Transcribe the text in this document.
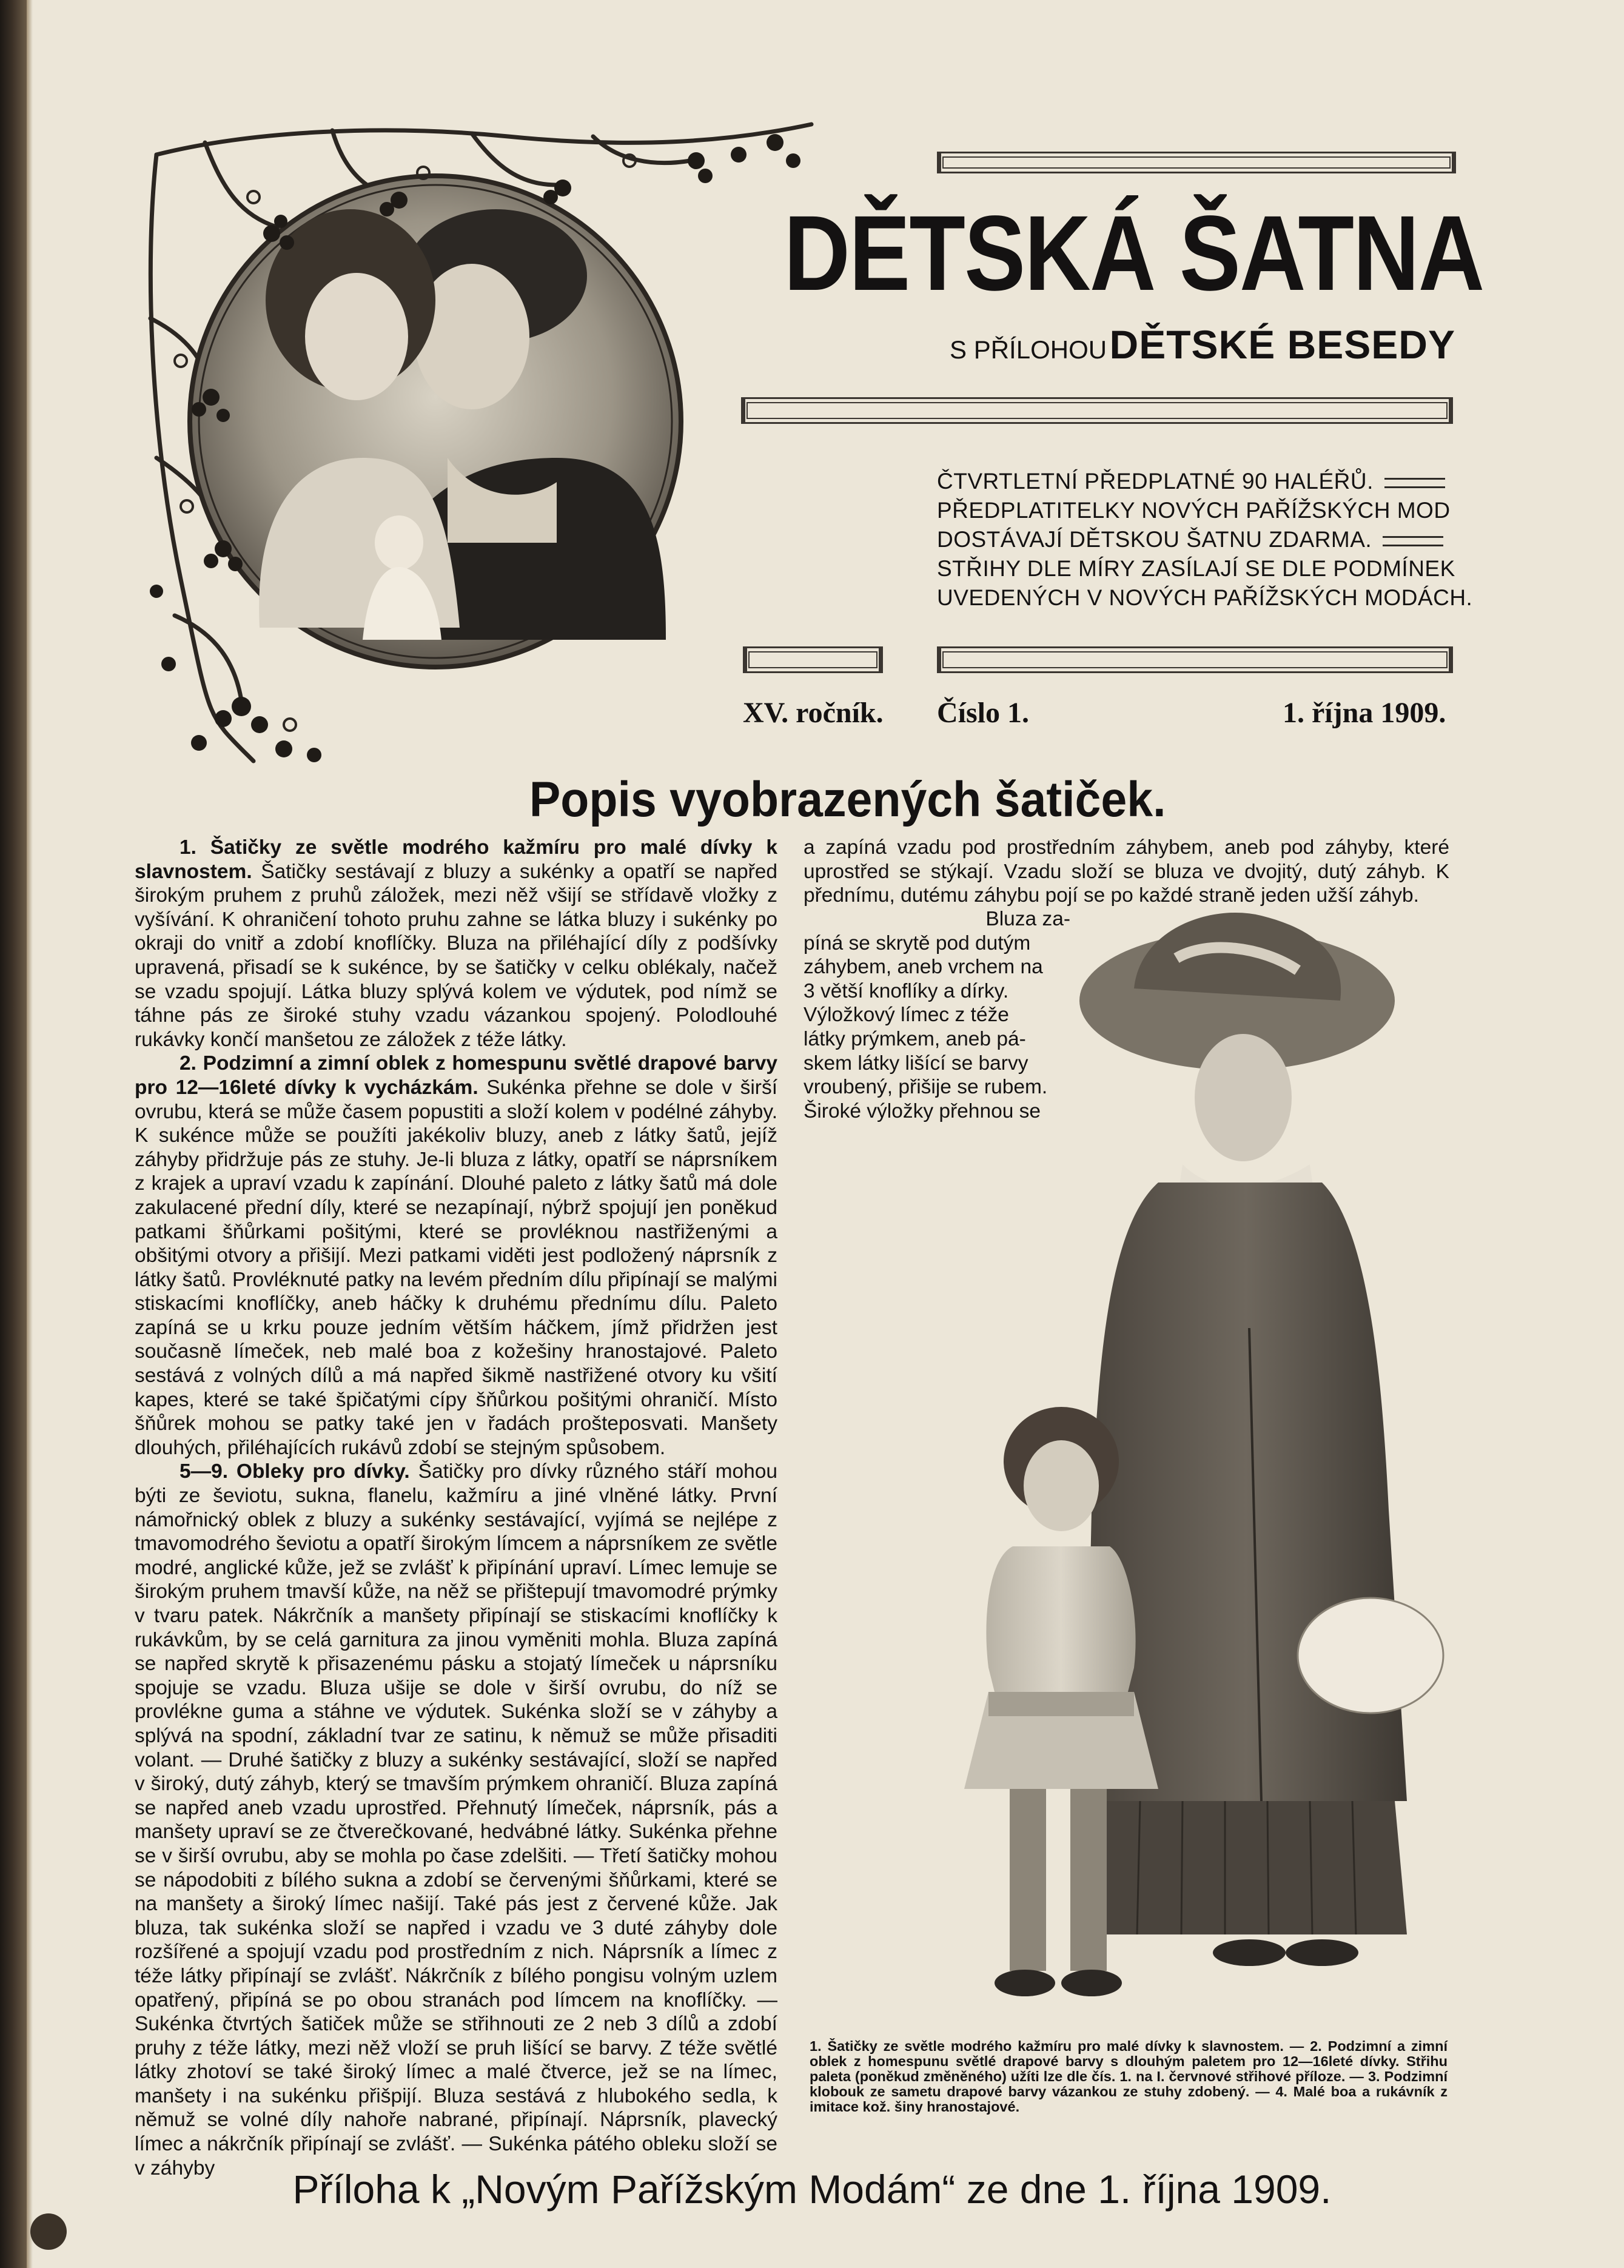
DĚTSKÁ ŠATNA
S PŘÍLOHOU DĚTSKÉ BESEDY
ČTVRTLETNÍ PŘEDPLATNÉ 90 HALÉŘŮ.
PŘEDPLATITELKY NOVÝCH PAŘÍŽSKÝCH MOD
DOSTÁVAJÍ DĚTSKOU ŠATNU ZDARMA.
STŘIHY DLE MÍRY ZASÍLAJÍ SE DLE PODMÍNEK
UVEDENÝCH V NOVÝCH PAŘÍŽSKÝCH MODÁCH.
XV. ročník. Číslo 1.	1. října 1909.
Popis vyobrazených šatiček.

1. Šatičky ze světle modrého kažmíru pro malé dívky k slavnostem. Šatičky sestávají z bluzy a sukénky a opatří se napřed širokým pruhem z pruhů záložek, mezi něž všijí se střídavě vložky z vyšívání. K ohraničení tohoto pruhu zahne se látka bluzy i sukénky po okraji do vnitř a zdobí knoflíčky. Bluza na přiléhající díly z podšívky upravená, přisadí se k sukénce, by se šatičky v celku oblékaly, načež se vzadu spojují. Látka bluzy splývá kolem ve výdutek, pod nímž se táhne pás ze široké stuhy vzadu vázankou spojený. Polodlouhé rukávky končí manšetou ze záložek z téže látky.

2. Podzimní a zimní oblek z homespunu světlé drapové barvy pro 12—16leté dívky k vycházkám. Sukénka přehne se dole v širší ovrubu, která se může časem popustiti a složí kolem v podélné záhyby. K sukénce může se použíti jakékoliv bluzy, aneb z látky šatů, jejíž záhyby přidržuje pás ze stuhy. Je-li bluza z látky, opatří se náprsníkem z krajek a upraví vzadu k zapínání. Dlouhé paleto z látky šatů má dole zakulacené přední díly, které se nezapínají, nýbrž spojují jen poněkud patkami šňůrkami pošitými, které se provléknou nastřiženými a obšitými otvory a přišijí. Mezi patkami viděti jest podložený náprsník z látky šatů. Provléknuté patky na levém předním dílu připínají se malými stiskacími knoflíčky, aneb háčky k druhému přednímu dílu. Paleto zapíná se u krku pouze jedním větším háčkem, jímž přidržen jest současně límeček, neb malé boa z kožešiny hranostajové. Paleto sestává z volných dílů a má napřed šikmě nastřižené otvory ku všití kapes, které se také špičatými cípy šňůrkou pošitými ohraničí. Místo šňůrek mohou se patky také jen v řadách prošteposvati. Manšety dlouhých, přiléhajících rukávů zdobí se stejným spůsobem.

5—9. Obleky pro dívky. Šatičky pro dívky různého stáří mohou býti ze ševiotu, sukna, flanelu, kažmíru a jiné vlněné látky. První námořnický oblek z bluzy a sukénky sestávající, vyjímá se nejlépe z tmavomodrého ševiotu a opatří širokým límcem a náprsníkem ze světle modré, anglické kůže, jež se zvlášť k připínání upraví. Límec lemuje se širokým pruhem tmavší kůže, na něž se přištepují tmavomodré prýmky v tvaru patek. Nákrčník a manšety připínají se stiskacími knoflíčky k rukávkům, by se celá garnitura za jinou vyměniti mohla. Bluza zapíná se napřed skrytě k přisazenému pásku a stojatý límeček u náprsníku spojuje se vzadu. Bluza ušije se dole v širší ovrubu, do níž se provlékne guma a stáhne ve výdutek. Sukénka složí se v záhyby a splývá na spodní, základní tvar ze satinu, k němuž se může přisaditi volant. — Druhé šatičky z bluzy a sukénky sestávající, složí se napřed v široký, dutý záhyb, který se tmavším prýmkem ohraničí. Bluza zapíná se napřed aneb vzadu uprostřed. Přehnutý límeček, náprsník, pás a manšety upraví se ze čtverečkované, hedvábné látky. Sukénka přehne se v širší ovrubu, aby se mohla po čase zdelšiti. — Třetí šatičky mohou se nápodobiti z bílého sukna a zdobí se červenými šňůrkami, které se na manšety a široký límec našijí. Také pás jest z červené kůže. Jak bluza, tak sukénka složí se napřed i vzadu ve 3 duté záhyby dole rozšířené a spojují vzadu pod prostředním z nich. Náprsník a límec z téže látky připínají se zvlášť. Nákrčník z bílého pongisu volným uzlem opatřený, připíná se po obou stranách pod límcem na knoflíčky. — Sukénka čtvrtých šatiček může se střihnouti ze 2 neb 3 dílů a zdobí pruhy z téže látky, mezi něž vloží se pruh lišící se barvy. Z téže světlé látky zhotoví se také široký límec a malé čtverce, jež se na límec, manšety i na sukénku přišpijí. Bluza sestává z hlubokého sedla, k němuž se volné díly nahoře nabrané, připínají. Náprsník, plavecký límec a nákrčník připínají se zvlášť. — Sukénka pátého obleku složí se v záhyby

a zapíná vzadu pod prostředním záhybem, aneb pod záhyby, které uprostřed se stýkají. Vzadu složí se bluza ve dvojitý, dutý záhyb. K přednímu, dutému záhybu pojí se po každé straně jeden užší záhyb.
Bluza za-
píná se skrytě pod dutým
záhybem, aneb vrchem na
3 větší knoflíky a dírky.
Výložkový límec z téže
látky prýmkem, aneb pá-
skem látky lišící se barvy
vroubený, přišije se rubem.
Široké výložky přehnou se
1. Šatičky ze světle modrého kažmíru pro malé dívky k slavnostem. — 2. Podzimní a zimní oblek z homespunu světlé drapové barvy s dlouhým paletem pro 12—16leté dívky. Střihu paleta (poněkud změněného) užíti lze dle čís. 1. na I. červnové střihové příloze. — 3. Podzimní klobouk ze sametu drapové barvy vázankou ze stuhy zdobený. — 4. Malé boa a rukávník z imitace kož. šiny hranostajové.
Příloha k „Novým Pařížským Modám“ ze dne 1. října 1909.
